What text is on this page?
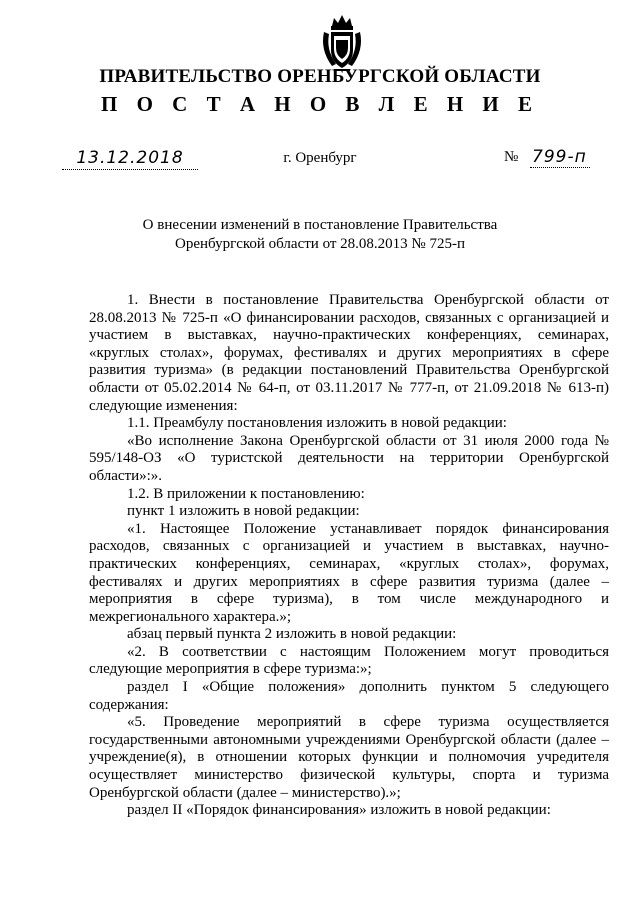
ПРАВИТЕЛЬСТВО ОРЕНБУРГСКОЙ ОБЛАСТИ
П О С Т А Н О В Л Е Н И Е
13.12.2018	г. Оренбург	№ 799-п
О внесении изменений в постановление Правительства
Оренбургской области от 28.08.2013 № 725-п

1. Внести в постановление Правительства Оренбургской области от 28.08.2013 № 725-п «О финансировании расходов, связанных с организацией и участием в выставках, научно-практических конференциях, семинарах, «круглых столах», форумах, фестивалях и других мероприятиях в сфере развития туризма» (в редакции постановлений Правительства Оренбургской области от 05.02.2014 № 64-п, от 03.11.2017 № 777-п, от 21.09.2018 № 613-п) следующие изменения:

1.1. Преамбулу постановления изложить в новой редакции:

«Во исполнение Закона Оренбургской области от 31 июля 2000 года № 595/148-ОЗ «О туристской деятельности на территории Оренбургской области»:».

1.2. В приложении к постановлению:

пункт 1 изложить в новой редакции:

«1. Настоящее Положение устанавливает порядок финансирования расходов, связанных с организацией и участием в выставках, научно-практических конференциях, семинарах, «круглых столах», форумах, фестивалях и других мероприятиях в сфере развития туризма (далее – мероприятия в сфере туризма), в том числе международного и межрегионального характера.»;

абзац первый пункта 2 изложить в новой редакции:

«2. В соответствии с настоящим Положением могут проводиться следующие мероприятия в сфере туризма:»;

раздел I «Общие положения» дополнить пунктом 5 следующего содержания:

«5. Проведение мероприятий в сфере туризма осуществляется государственными автономными учреждениями Оренбургской области (далее – учреждение(я), в отношении которых функции и полномочия учредителя осуществляет министерство физической культуры, спорта и туризма Оренбургской области (далее – министерство).»;

раздел II «Порядок финансирования» изложить в новой редакции:
